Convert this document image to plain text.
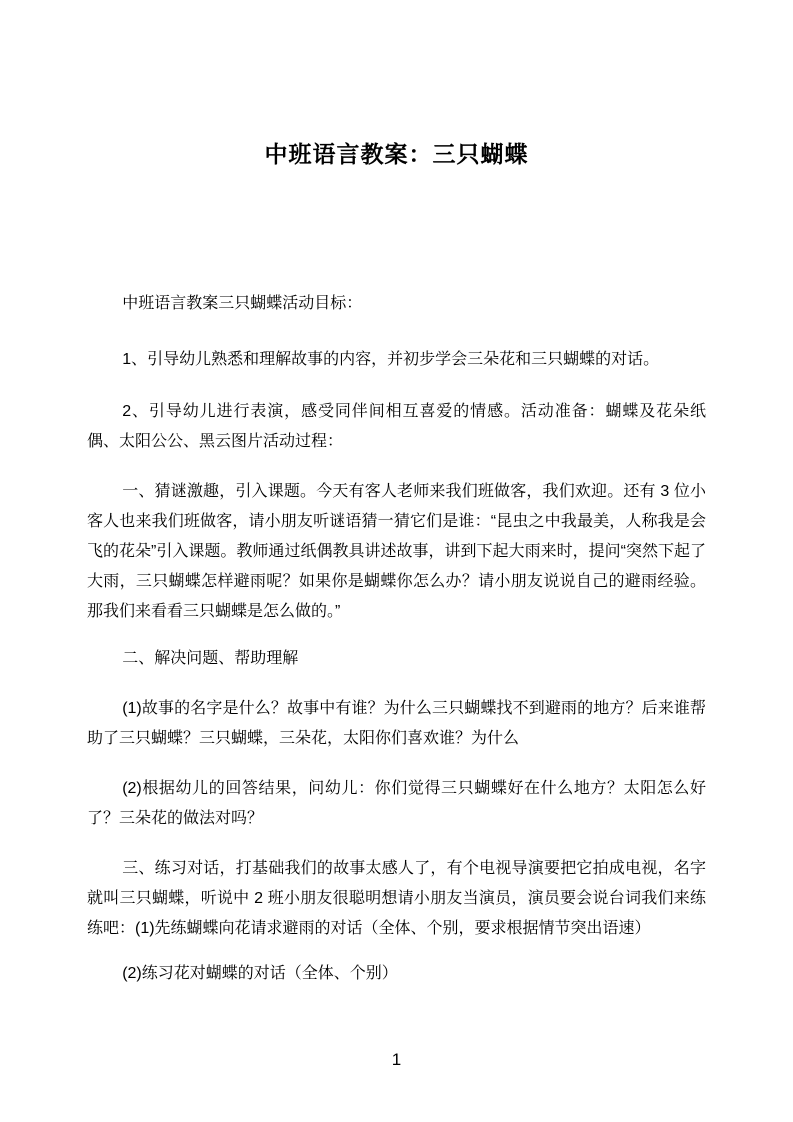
中班语言教案：三只蝴蝶

中班语言教案三只蝴蝶活动目标：

1、引导幼儿熟悉和理解故事的内容，并初步学会三朵花和三只蝴蝶的对话。

2、引导幼儿进行表演，感受同伴间相互喜爱的情感。活动准备：蝴蝶及花朵纸偶、太阳公公、黑云图片活动过程：

一、猜谜激趣，引入课题。今天有客人老师来我们班做客，我们欢迎。还有 3 位小客人也来我们班做客，请小朋友听谜语猜一猜它们是谁：“昆虫之中我最美，人称我是会飞的花朵”引入课题。教师通过纸偶教具讲述故事，讲到下起大雨来时，提问“突然下起了大雨，三只蝴蝶怎样避雨呢？如果你是蝴蝶你怎么办？请小朋友说说自己的避雨经验。那我们来看看三只蝴蝶是怎么做的。”

二、解决问题、帮助理解

(1)故事的名字是什么？故事中有谁？为什么三只蝴蝶找不到避雨的地方？后来谁帮助了三只蝴蝶？三只蝴蝶，三朵花，太阳你们喜欢谁？为什么

(2)根据幼儿的回答结果，问幼儿：你们觉得三只蝴蝶好在什么地方？太阳怎么好了？三朵花的做法对吗？

三、练习对话，打基础我们的故事太感人了，有个电视导演要把它拍成电视，名字就叫三只蝴蝶，听说中 2 班小朋友很聪明想请小朋友当演员，演员要会说台词我们来练练吧：(1)先练蝴蝶向花请求避雨的对话（全体、个别，要求根据情节突出语速）

(2)练习花对蝴蝶的对话（全体、个别）

1
